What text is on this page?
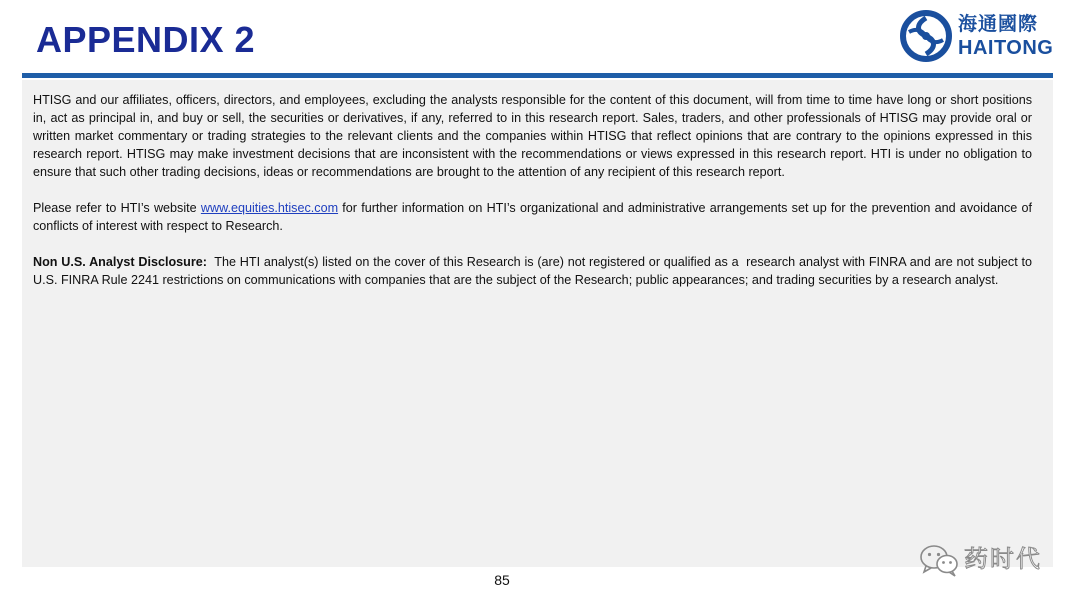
APPENDIX 2	海通國際
HAITONG

HTISG and our affiliates, officers, directors, and employees, excluding the analysts responsible for the content of this document, will from time to time have long or short positions in, act as principal in, and buy or sell, the securities or derivatives, if any, referred to in this research report. Sales, traders, and other professionals of HTISG may provide oral or written market commentary or trading strategies to the relevant clients and the companies within HTISG that reflect opinions that are contrary to the opinions expressed in this research report. HTISG may make investment decisions that are inconsistent with the recommendations or views expressed in this research report. HTI is under no obligation to ensure that such other trading decisions, ideas or recommendations are brought to the attention of any recipient of this research report.

Please refer to HTI’s website www.equities.htisec.com for further information on HTI’s organizational and administrative arrangements set up for the prevention and avoidance of conflicts of interest with respect to Research.

Non U.S. Analyst Disclosure:  The HTI analyst(s) listed on the cover of this Research is (are) not registered or qualified as a  research analyst with FINRA and are not subject to U.S. FINRA Rule 2241 restrictions on communications with companies that are the subject of the Research; public appearances; and trading securities by a research analyst.

85
药时代
